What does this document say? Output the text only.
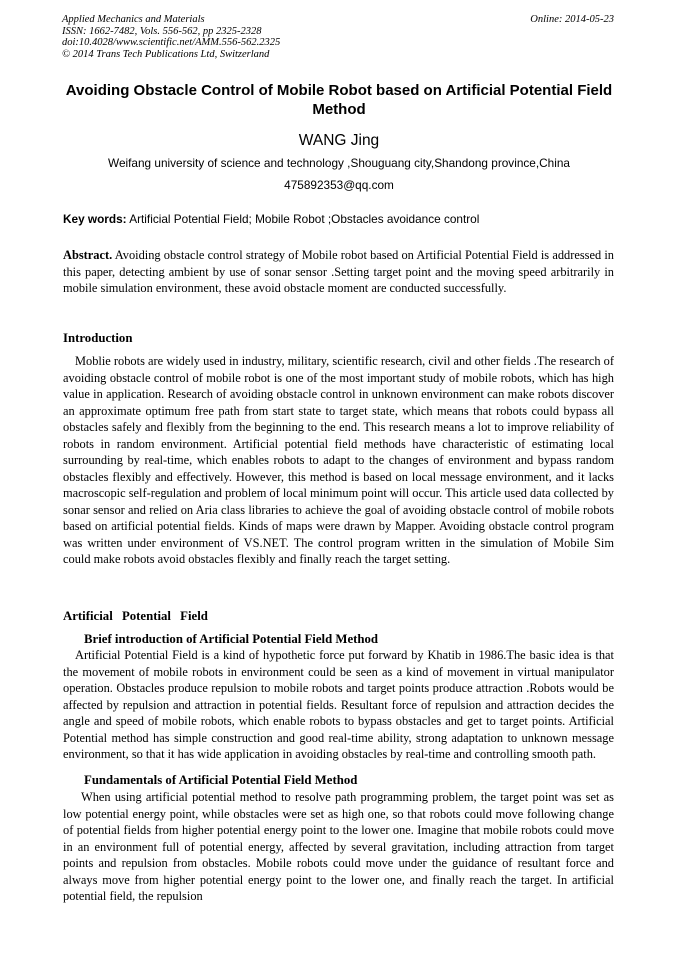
Applied Mechanics and Materials
ISSN: 1662-7482, Vols. 556-562, pp 2325-2328
doi:10.4028/www.scientific.net/AMM.556-562.2325
© 2014 Trans Tech Publications Ltd, Switzerland
Online: 2014-05-23
Avoiding Obstacle Control of Mobile Robot based on Artificial Potential Field Method
WANG Jing
Weifang university of science and technology ,Shouguang city,Shandong province,China
475892353@qq.com
Key words: Artificial Potential Field; Mobile Robot ;Obstacles avoidance control
Abstract. Avoiding obstacle control strategy of Mobile robot based on Artificial Potential Field is addressed in this paper, detecting ambient by use of sonar sensor .Setting target point and the moving speed arbitrarily in mobile simulation environment, these avoid obstacle moment are conducted successfully.
Introduction
Moblie robots are widely used in industry, military, scientific research, civil and other fields .The research of avoiding obstacle control of mobile robot is one of the most important study of mobile robots, which has high value in application. Research of avoiding obstacle control in unknown environment can make robots discover an approximate optimum free path from start state to target state, which means that robots could bypass all obstacles safely and flexibly from the beginning to the end. This research means a lot to improve reliability of robots in random environment. Artificial potential field methods have characteristic of estimating local surrounding by real-time, which enables robots to adapt to the changes of environment and bypass random obstacles flexibly and effectively. However, this method is based on local message environment, and it lacks macroscopic self-regulation and problem of local minimum point will occur. This article used data collected by sonar sensor and relied on Aria class libraries to achieve the goal of avoiding obstacle control of mobile robots based on artificial potential fields. Kinds of maps were drawn by Mapper. Avoiding obstacle control program was written under environment of VS.NET. The control program written in the simulation of Mobile Sim could make robots avoid obstacles flexibly and finally reach the target setting.
Artificial Potential Field
Brief introduction of Artificial Potential Field Method
Artificial Potential Field is a kind of hypothetic force put forward by Khatib in 1986.The basic idea is that the movement of mobile robots in environment could be seen as a kind of movement in virtual manipulator operation. Obstacles produce repulsion to mobile robots and target points produce attraction .Robots would be affected by repulsion and attraction in potential fields. Resultant force of repulsion and attraction decides the angle and speed of mobile robots, which enable robots to bypass obstacles and get to target points. Artificial Potential method has simple construction and good real-time ability, strong adaptation to unknown message environment, so that it has wide application in avoiding obstacles by real-time and controlling smooth path.
Fundamentals of Artificial Potential Field Method
When using artificial potential method to resolve path programming problem, the target point was set as low potential energy point, while obstacles were set as high one, so that robots could move following change of potential fields from higher potential energy point to the lower one. Imagine that mobile robots could move in an environment full of potential energy, affected by several gravitation, including attraction from target points and repulsion from obstacles. Mobile robots could move under the guidance of resultant force and always move from higher potential energy point to the lower one, and finally reach the target. In artificial potential field, the repulsion
